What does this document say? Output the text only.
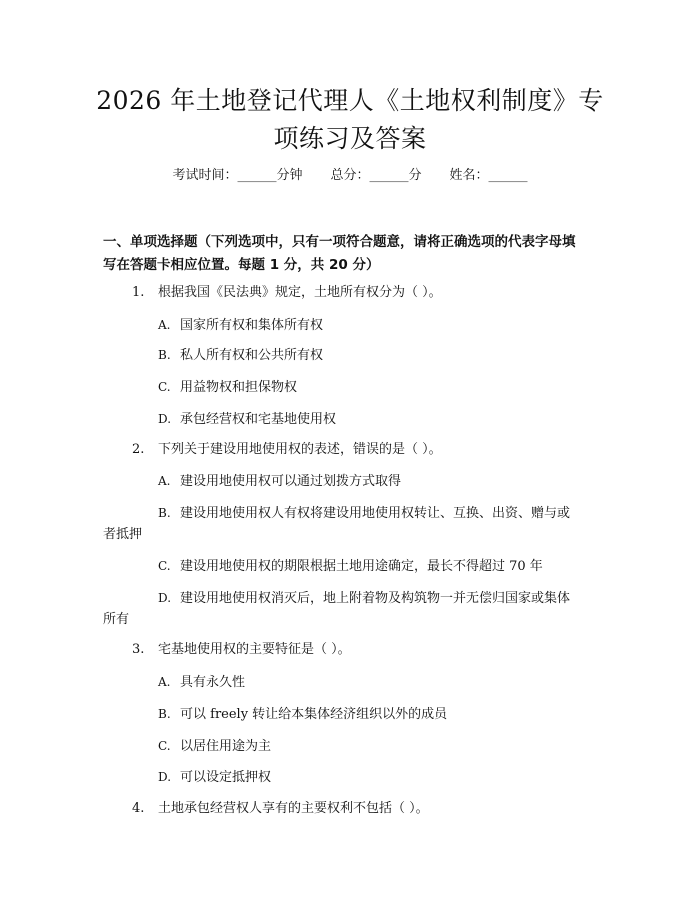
2026 年土地登记代理人《土地权利制度》专
项练习及答案
考试时间：______分钟 总分：______分 姓名：______
一、单项选择题（下列选项中，只有一项符合题意，请将正确选项的代表字母填
写在答题卡相应位置。每题 1 分，共 20 分）
1. 根据我国《民法典》规定，土地所有权分为（ ）。
A. 国家所有权和集体所有权
B. 私人所有权和公共所有权
C. 用益物权和担保物权
D. 承包经营权和宅基地使用权
2. 下列关于建设用地使用权的表述，错误的是（ ）。
A. 建设用地使用权可以通过划拨方式取得
B. 建设用地使用权人有权将建设用地使用权转让、互换、出资、赠与或
者抵押
C. 建设用地使用权的期限根据土地用途确定，最长不得超过 70 年
D. 建设用地使用权消灭后，地上附着物及构筑物一并无偿归国家或集体
所有
3. 宅基地使用权的主要特征是（ ）。
A. 具有永久性
B. 可以 freely 转让给本集体经济组织以外的成员
C. 以居住用途为主
D. 可以设定抵押权
4. 土地承包经营权人享有的主要权利不包括（ ）。
